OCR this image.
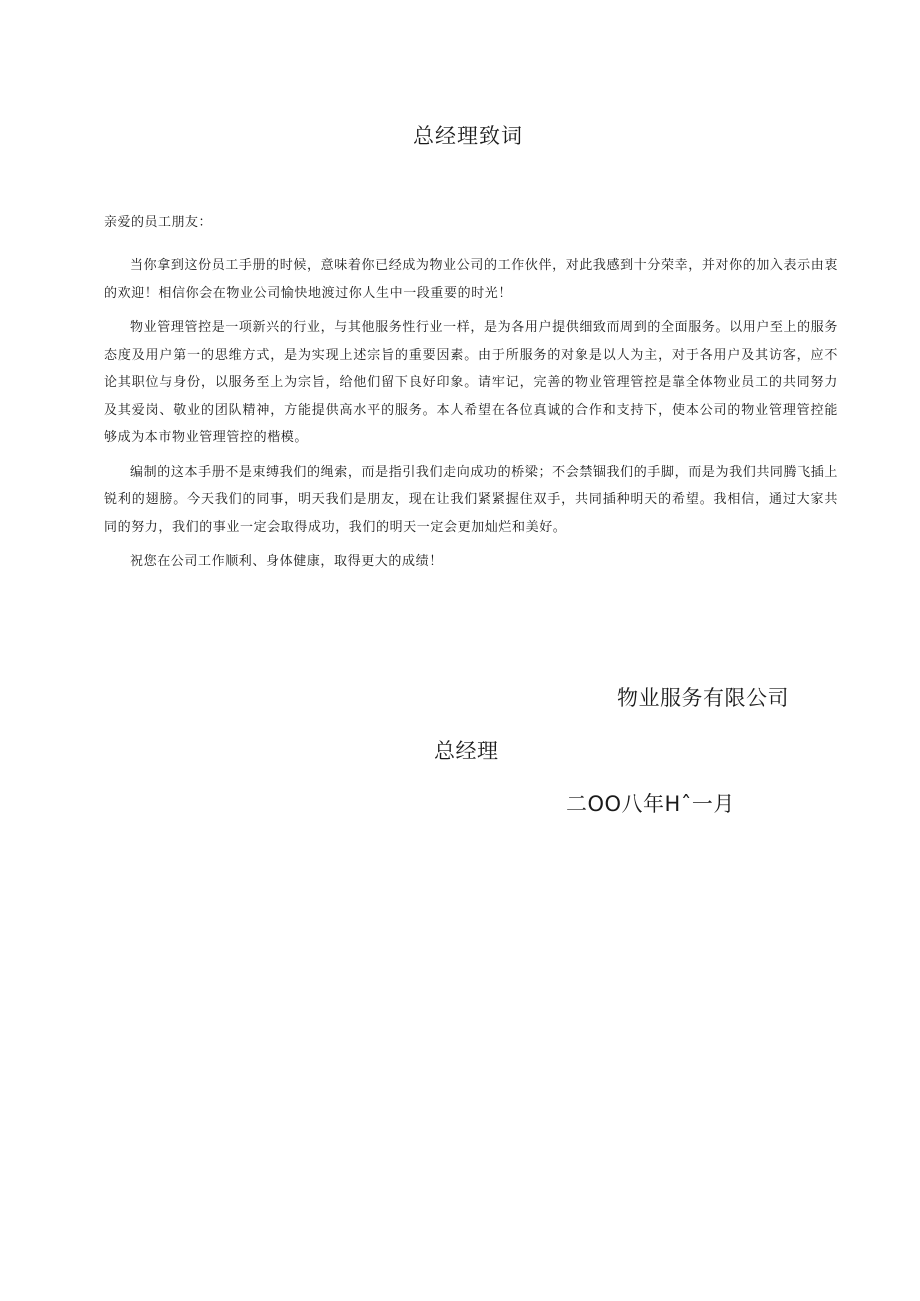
总经理致词
亲爱的员工朋友：

当你拿到这份员工手册的时候，意味着你已经成为物业公司的工作伙伴，对此我感到十分荣幸，并对你的加入表示由衷的欢迎！相信你会在物业公司愉快地渡过你人生中一段重要的时光！

物业管理管控是一项新兴的行业，与其他服务性行业一样，是为各用户提供细致而周到的全面服务。以用户至上的服务态度及用户第一的思维方式，是为实现上述宗旨的重要因素。由于所服务的对象是以人为主，对于各用户及其访客，应不论其职位与身份，以服务至上为宗旨，给他们留下良好印象。请牢记，完善的物业管理管控是靠全体物业员工的共同努力及其爱岗、敬业的团队精神，方能提供高水平的服务。本人希望在各位真诚的合作和支持下，使本公司的物业管理管控能够成为本市物业管理管控的楷模。

编制的这本手册不是束缚我们的绳索，而是指引我们走向成功的桥梁；不会禁锢我们的手脚，而是为我们共同腾飞插上锐利的翅膀。今天我们的同事，明天我们是朋友，现在让我们紧紧握住双手，共同插种明天的希望。我相信，通过大家共同的努力，我们的事业一定会取得成功，我们的明天一定会更加灿烂和美好。

祝您在公司工作顺利、身体健康，取得更大的成绩！

物业服务有限公司
总经理
二OO八年Hˆ一月
